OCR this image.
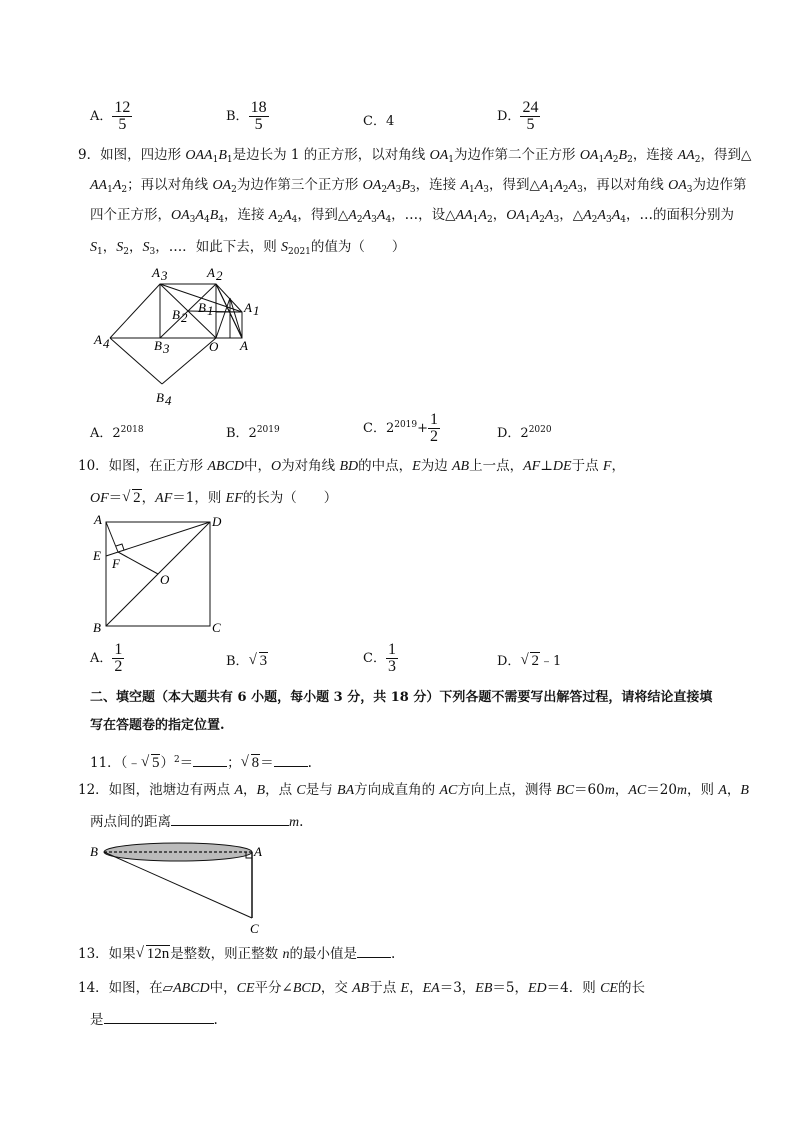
A． $\frac{12}{5}$	B． $\frac{18}{5}$	C．4	D． $\frac{24}{5}$
9．如图，四边形 $OAA_1B_1$是边长为 1 的正方形，以对角线 $OA_1$为边作第二个正方形 $OA_1A_2B_2$，连接 $AA_2$，得到△
$AA_1A_2$；再以对角线 $OA_2$为边作第三个正方形 $OA_2A_3B_3$，连接 $A_1A_3$，得到$\triangle A_1A_2A_3$，再以对角线 $OA_3$为边作第
四个正方形，$OA_3A_4B_4$，连接 $A_2A_4$，得到$\triangle A_2A_3A_4$，…，设$\triangle AA_1A_2$，$OA_1A_2A_3$，$\triangle A_2A_3A_4$，…的面积分别为
$S_1$，$S_2$，$S_3$，…．如此下去，则 $S_{2021}$的值为（　　）
A 3	A 2
A 1
B 2
B 1
A 4	B 3	O A
B 4
A．$2^{2018}$	B．$2^{2019}$	C．$2^{2019}+ \frac{1}{2}$	D．$2^{2020}$
10．如图，在正方形 ABCD中，O为对角线 BD的中点，E为边 AB上一点，AF⊥DE于点 F，
OF＝ √ 2，AF＝1，则 EF的长为（　　）
A	D
E
F
O
B	C
A． $\frac{1}{2}$	B． √ 3	C． $\frac{1}{3}$	D． √ 2﹣1
二、填空题（本大题共有 6 小题，每小题 3 分，共 18 分）下列各题不需要写出解答过程，请将结论直接填
写在答题卷的指定位置.
11．（﹣ √ 5）$^2$＝	； √ 8＝	.
12．如图，池塘边有两点 A，B，点 C是与 BA方向成直角的 AC方向上点，测得 BC＝60m，AC＝20m，则 A，B
两点间的距离	m.
B	A
C
13．如果 √ 12n是整数，则正整数 n的最小值是	.
14．如图，在▱ABCD中，CE平分∠BCD，交 AB于点 E，EA＝3，EB＝5，ED＝4．则 CE的长
是	.
